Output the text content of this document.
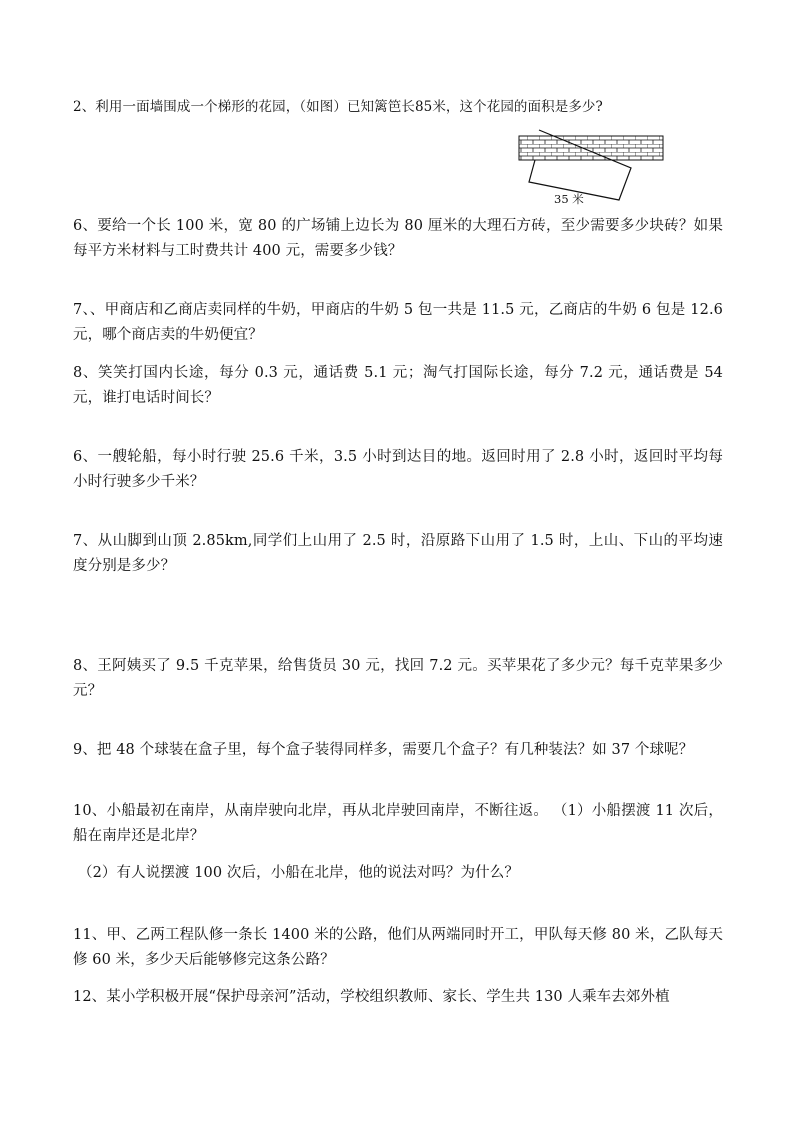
2、利用一面墙围成一个梯形的花园，（如图）已知篱笆长85米，这个花园的面积是多少?
35 米
6、要给一个长 100 米，宽 80 的广场铺上边长为 80 厘米的大理石方砖，至少需要多少块砖？如果每平方米材料与工时费共计 400 元，需要多少钱？
7、、甲商店和乙商店卖同样的牛奶，甲商店的牛奶 5 包一共是 11.5 元，乙商店的牛奶 6 包是 12.6 元，哪个商店卖的牛奶便宜？
8、笑笑打国内长途，每分 0.3 元，通话费 5.1 元；淘气打国际长途，每分 7.2 元，通话费是 54 元，谁打电话时间长？
6、一艘轮船，每小时行驶 25.6 千米，3.5 小时到达目的地。返回时用了 2.8 小时，返回时平均每小时行驶多少千米？
7、从山脚到山顶 2.85km,同学们上山用了 2.5 时，沿原路下山用了 1.5 时，上山、下山的平均速度分别是多少？
8、王阿姨买了 9.5 千克苹果，给售货员 30 元，找回 7.2 元。买苹果花了多少元？每千克苹果多少元？
9、把 48 个球装在盒子里，每个盒子装得同样多，需要几个盒子？有几种装法？如 37 个球呢？
10、小船最初在南岸，从南岸驶向北岸，再从北岸驶回南岸，不断往返。 （1）小船摆渡 11 次后，船在南岸还是北岸？
（2）有人说摆渡 100 次后，小船在北岸，他的说法对吗？为什么？
11、甲、乙两工程队修一条长 1400 米的公路，他们从两端同时开工，甲队每天修 80 米，乙队每天修 60 米，多少天后能够修完这条公路？
12、某小学积极开展“保护母亲河”活动，学校组织教师、家长、学生共 130 人乘车去郊外植
